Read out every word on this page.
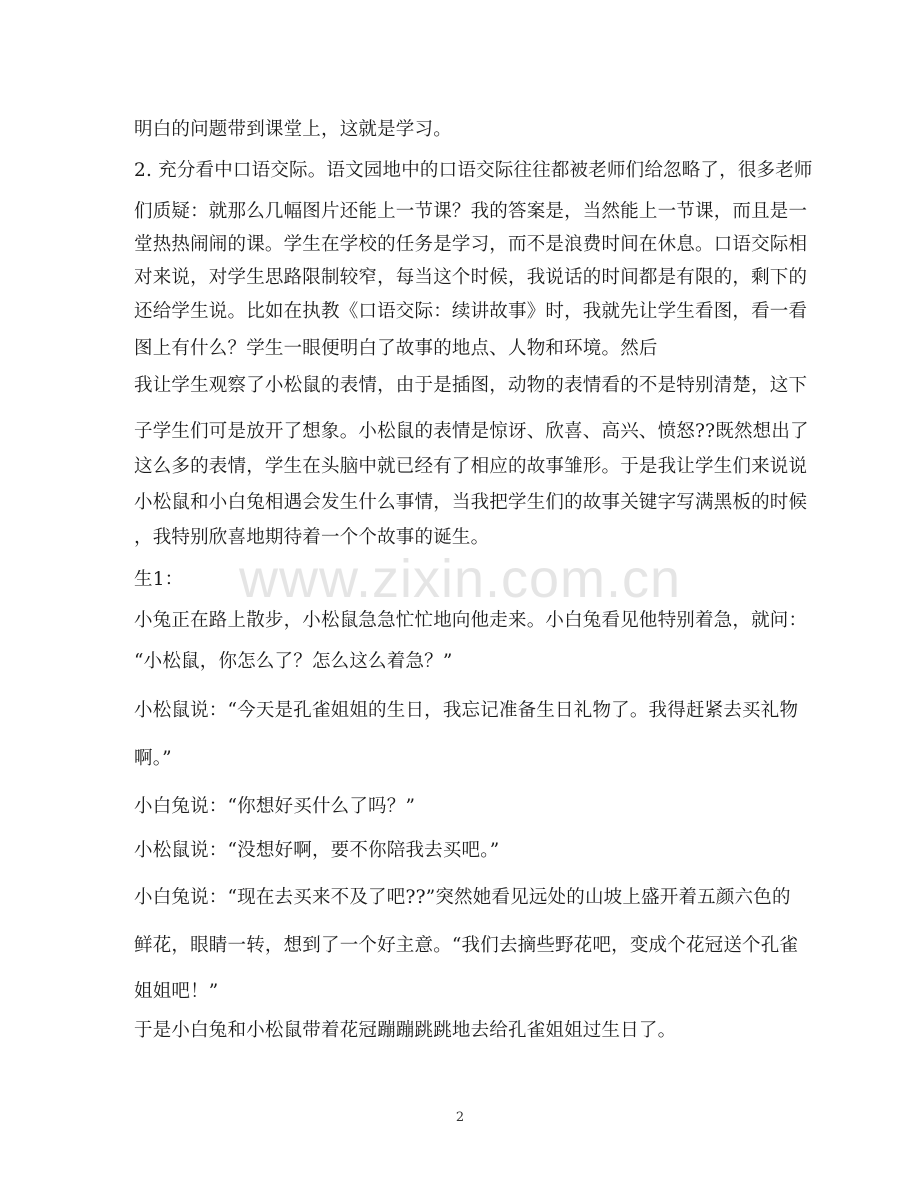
www.zixin.com.cn
明白的问题带到课堂上，这就是学习。
2. 充分看中口语交际。语文园地中的口语交际往往都被老师们给忽略了，很多老师
们质疑：就那么几幅图片还能上一节课？我的答案是，当然能上一节课，而且是一
堂热热闹闹的课。学生在学校的任务是学习，而不是浪费时间在休息。口语交际相
对来说，对学生思路限制较窄，每当这个时候，我说话的时间都是有限的，剩下的
还给学生说。比如在执教《口语交际：续讲故事》时，我就先让学生看图，看一看
图上有什么？学生一眼便明白了故事的地点、人物和环境。然后
我让学生观察了小松鼠的表情，由于是插图，动物的表情看的不是特别清楚，这下
子学生们可是放开了想象。小松鼠的表情是惊讶、欣喜、高兴、愤怒??既然想出了
这么多的表情，学生在头脑中就已经有了相应的故事雏形。于是我让学生们来说说
小松鼠和小白兔相遇会发生什么事情，当我把学生们的故事关键字写满黑板的时候
，我特别欣喜地期待着一个个故事的诞生。
生1：
小兔正在路上散步，小松鼠急急忙忙地向他走来。小白兔看见他特别着急，就问：
“小松鼠，你怎么了？怎么这么着急？”
小松鼠说：“今天是孔雀姐姐的生日，我忘记准备生日礼物了。我得赶紧去买礼物
啊。”
小白兔说：“你想好买什么了吗？”
小松鼠说：“没想好啊，要不你陪我去买吧。”
小白兔说：“现在去买来不及了吧??”突然她看见远处的山坡上盛开着五颜六色的
鲜花，眼睛一转，想到了一个好主意。“我们去摘些野花吧，变成个花冠送个孔雀
姐姐吧！”
于是小白兔和小松鼠带着花冠蹦蹦跳跳地去给孔雀姐姐过生日了。
2
